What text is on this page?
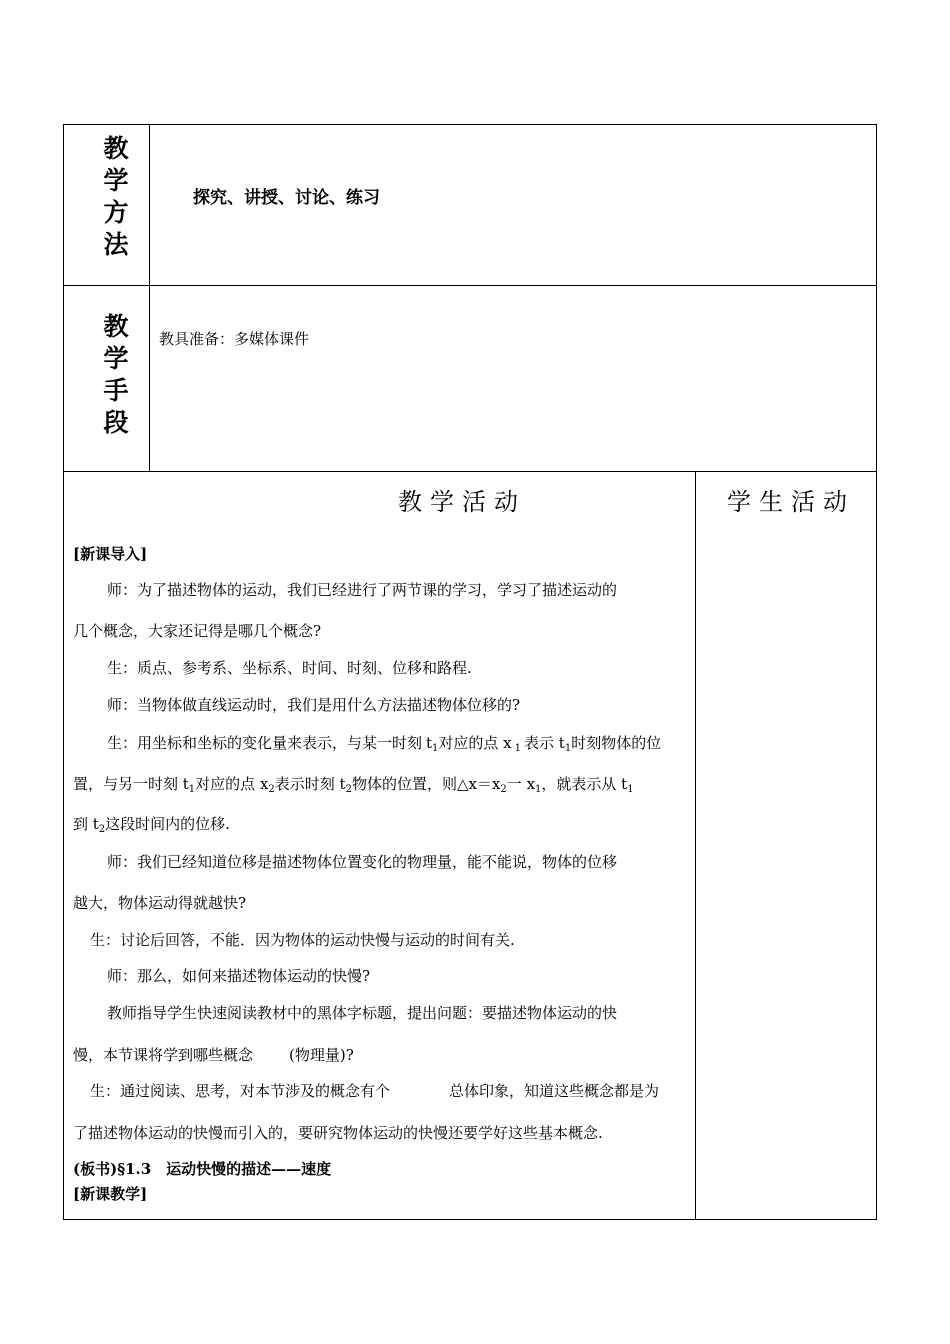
教
学
方
法
探究、讲授、讨论、练习
教
学
手
段
教具准备：多媒体课件
教学活动	学生活动
[新课导入]
师：为了描述物体的运动，我们已经进行了两节课的学习，学习了描述运动的
几个概念，大家还记得是哪几个概念?
生：质点、参考系、坐标系、时间、时刻、位移和路程.
师：当物体做直线运动时，我们是用什么方法描述物体位移的?
生：用坐标和坐标的变化量来表示，与某一时刻 $t_1$对应的点 x $_1$ 表示 $t_1$时刻物体的位
置，与另一时刻 $t_1$对应的点 $x_2$表示时刻 $t_2$物体的位置，则$\triangle x=x_2$一 $x_1$，就表示从 $t_1$
到 $t_2$这段时间内的位移.
师：我们已经知道位移是描述物体位置变化的物理量，能不能说，物体的位移
越大，物体运动得就越快?
生：讨论后回答，不能．因为物体的运动快慢与运动的时间有关.
师：那么，如何来描述物体运动的快慢?
教师指导学生快速阅读教材中的黑体字标题，提出问题：要描述物体运动的快
慢，本节课将学到哪些概念 (物理量)?
生：通过阅读、思考，对本节涉及的概念有个	总体印象，知道这些概念都是为
了描述物体运动的快慢而引入的，要研究物体运动的快慢还要学好这些基本概念.
(板书)§1.3　运动快慢的描述——速度
[新课教学]
